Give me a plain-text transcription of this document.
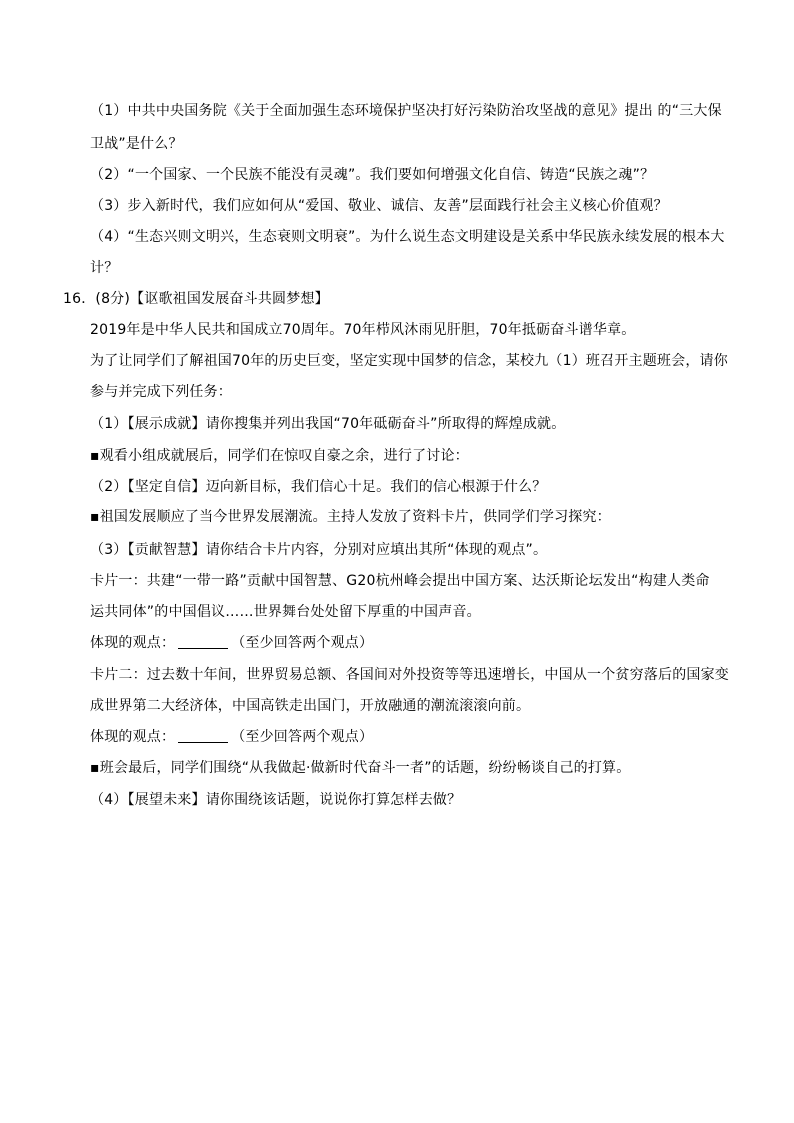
（1）中共中央国务院《关于全面加强生态环境保护坚决打好污染防治攻坚战的意见》提出 的“三大保
卫战”是什么？
（2）“一个国家、一个民族不能没有灵魂”。我们要如何增强文化自信、铸造“民族之魂”？
（3）步入新时代，我们应如何从“爱国、敬业、诚信、友善”层面践行社会主义核心价值观？
（4）“生态兴则文明兴，生态衰则文明衰”。为什么说生态文明建设是关系中华民族永续发展的根本大
计？
16．(8分)【讴歌祖国发展奋斗共圆梦想】
2019年是中华人民共和国成立70周年。70年栉风沐雨见肝胆，70年抵砺奋斗谱华章。
为了让同学们了解祖国70年的历史巨变，坚定实现中国梦的信念，某校九（1）班召开主题班会，请你
参与并完成下列任务：
（1）【展示成就】请你搜集并列出我国“70年砥砺奋斗”所取得的辉煌成就。
▪观看小组成就展后，同学们在惊叹自豪之余，进行了讨论：
（2）【坚定自信】迈向新目标，我们信心十足。我们的信心根源于什么？
▪祖国发展顺应了当今世界发展潮流。主持人发放了资料卡片，供同学们学习探究：
（3）【贡献智慧】请你结合卡片内容，分别对应填出其所“体现的观点”。
卡片一：共建“一带一路”贡献中国智慧、G20杭州峰会提出中国方案、达沃斯论坛发出“构建人类命
运共同体”的中国倡议……世界舞台处处留下厚重的中国声音。
体现的观点：	（至少回答两个观点）
卡片二：过去数十年间，世界贸易总额、各国间对外投资等等迅速增长，中国从一个贫穷落后的国家变
成世界第二大经济体，中国高铁走出国门，开放融通的潮流滚滚向前。
体现的观点：	（至少回答两个观点）
▪班会最后，同学们围绕“从我做起·做新时代奋斗一者”的话题，纷纷畅谈自己的打算。
（4）【展望未来】请你围绕该话题，说说你打算怎样去做？
